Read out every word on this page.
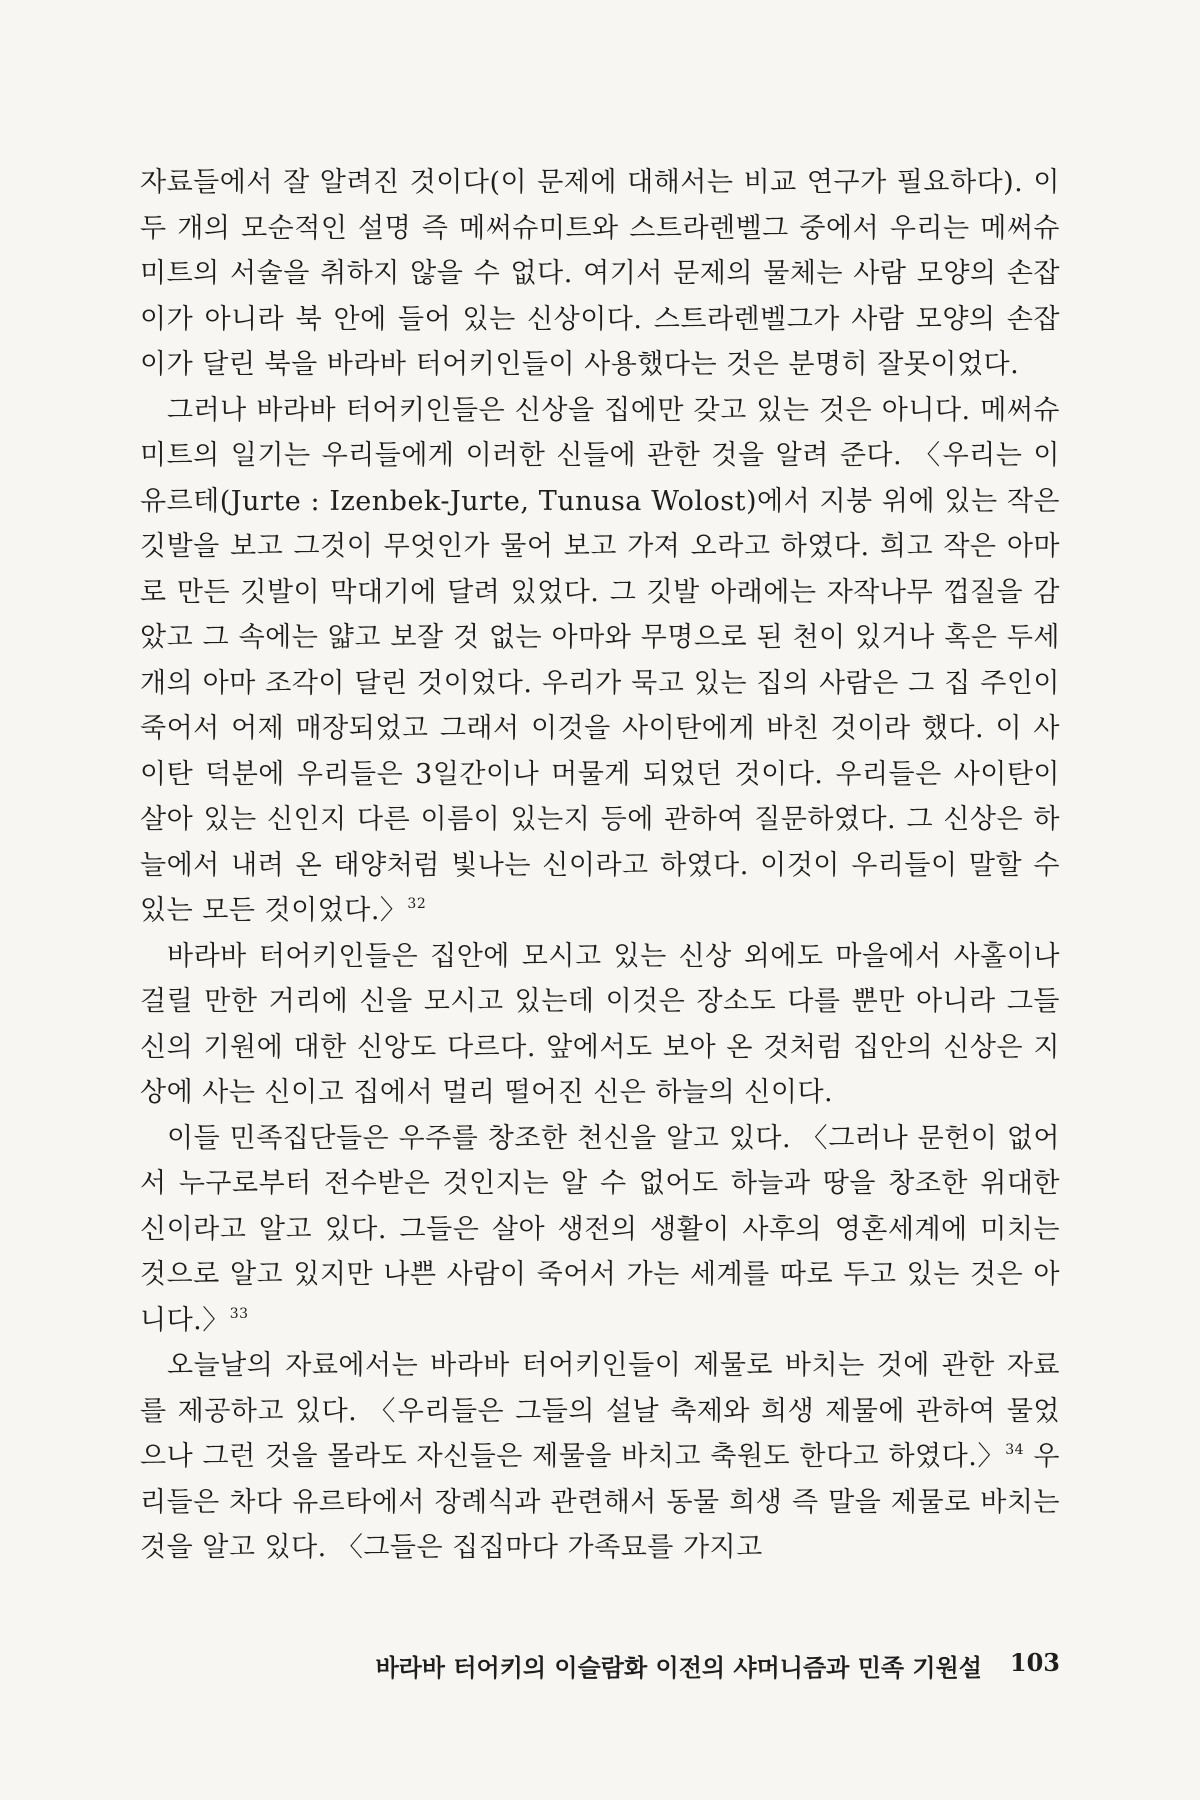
자료들에서 잘 알려진 것이다(이 문제에 대해서는 비교 연구가 필요하다). 이 두 개의 모순적인 설명 즉 메써슈미트와 스트라렌벨그 중에서 우리는 메써슈미트의 서술을 취하지 않을 수 없다. 여기서 문제의 물체는 사람 모양의 손잡이가 아니라 북 안에 들어 있는 신상이다. 스트라렌벨그가 사람 모양의 손잡이가 달린 북을 바라바 터어키인들이 사용했다는 것은 분명히 잘못이었다.

그러나 바라바 터어키인들은 신상을 집에만 갖고 있는 것은 아니다. 메써슈미트의 일기는 우리들에게 이러한 신들에 관한 것을 알려 준다. 〈우리는 이 유르테(Jurte : Izenbek-Jurte, Tunusa Wolost)에서 지붕 위에 있는 작은 깃발을 보고 그것이 무엇인가 물어 보고 가져 오라고 하였다. 희고 작은 아마로 만든 깃발이 막대기에 달려 있었다. 그 깃발 아래에는 자작나무 껍질을 감았고 그 속에는 얇고 보잘 것 없는 아마와 무명으로 된 천이 있거나 혹은 두세 개의 아마 조각이 달린 것이었다. 우리가 묵고 있는 집의 사람은 그 집 주인이 죽어서 어제 매장되었고 그래서 이것을 사이탄에게 바친 것이라 했다. 이 사이탄 덕분에 우리들은 3일간이나 머물게 되었던 것이다. 우리들은 사이탄이 살아 있는 신인지 다른 이름이 있는지 등에 관하여 질문하였다. 그 신상은 하늘에서 내려 온 태양처럼 빛나는 신이라고 하였다. 이것이 우리들이 말할 수 있는 모든 것이었다.〉$^{32}$

바라바 터어키인들은 집안에 모시고 있는 신상 외에도 마을에서 사홀이나 걸릴 만한 거리에 신을 모시고 있는데 이것은 장소도 다를 뿐만 아니라 그들 신의 기원에 대한 신앙도 다르다. 앞에서도 보아 온 것처럼 집안의 신상은 지상에 사는 신이고 집에서 멀리 떨어진 신은 하늘의 신이다.

이들 민족집단들은 우주를 창조한 천신을 알고 있다. 〈그러나 문헌이 없어서 누구로부터 전수받은 것인지는 알 수 없어도 하늘과 땅을 창조한 위대한 신이라고 알고 있다. 그들은 살아 생전의 생활이 사후의 영혼세계에 미치는 것으로 알고 있지만 나쁜 사람이 죽어서 가는 세계를 따로 두고 있는 것은 아니다.〉$^{33}$

오늘날의 자료에서는 바라바 터어키인들이 제물로 바치는 것에 관한 자료를 제공하고 있다. 〈우리들은 그들의 설날 축제와 희생 제물에 관하여 물었으나 그런 것을 몰라도 자신들은 제물을 바치고 축원도 한다고 하였다.〉$^{34}$ 우리들은 차다 유르타에서 장례식과 관련해서 동물 희생 즉 말을 제물로 바치는 것을 알고 있다. 〈그들은 집집마다 가족묘를 가지고

바라바 터어키의 이슬람화 이전의 샤머니즘과 민족 기원설 103
